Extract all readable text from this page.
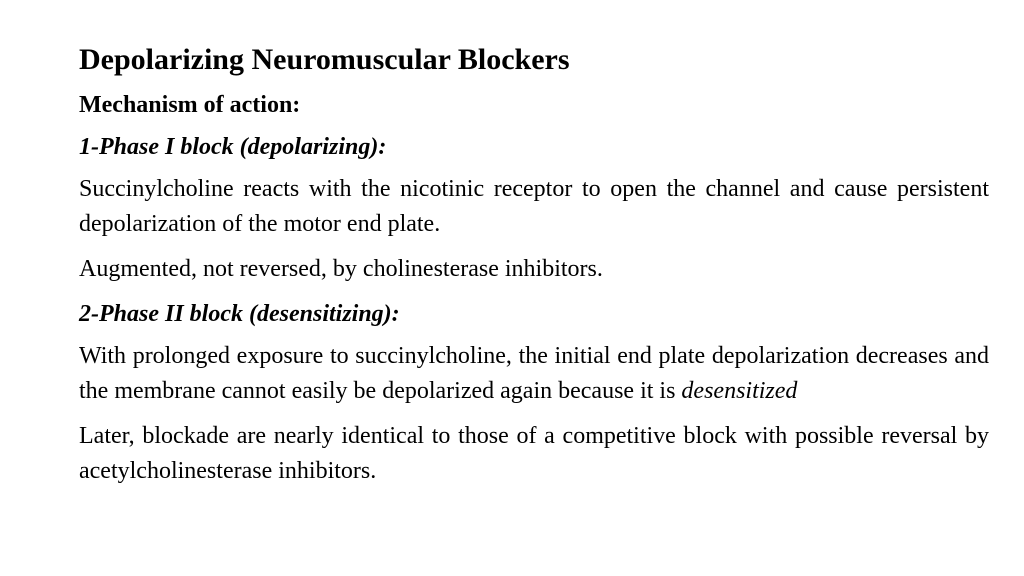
Depolarizing Neuromuscular Blockers
Mechanism of action:
1-Phase I block (depolarizing):

Succinylcholine reacts with the nicotinic receptor to open the channel and cause persistent depolarization of the motor end plate.

Augmented, not reversed, by cholinesterase inhibitors.

2-Phase II block (desensitizing):

With prolonged exposure to succinylcholine, the initial end plate depolarization decreases and the membrane cannot easily be depolarized again because it is desensitized

Later, blockade are nearly identical to those of a competitive block with possible reversal by acetylcholinesterase inhibitors.
